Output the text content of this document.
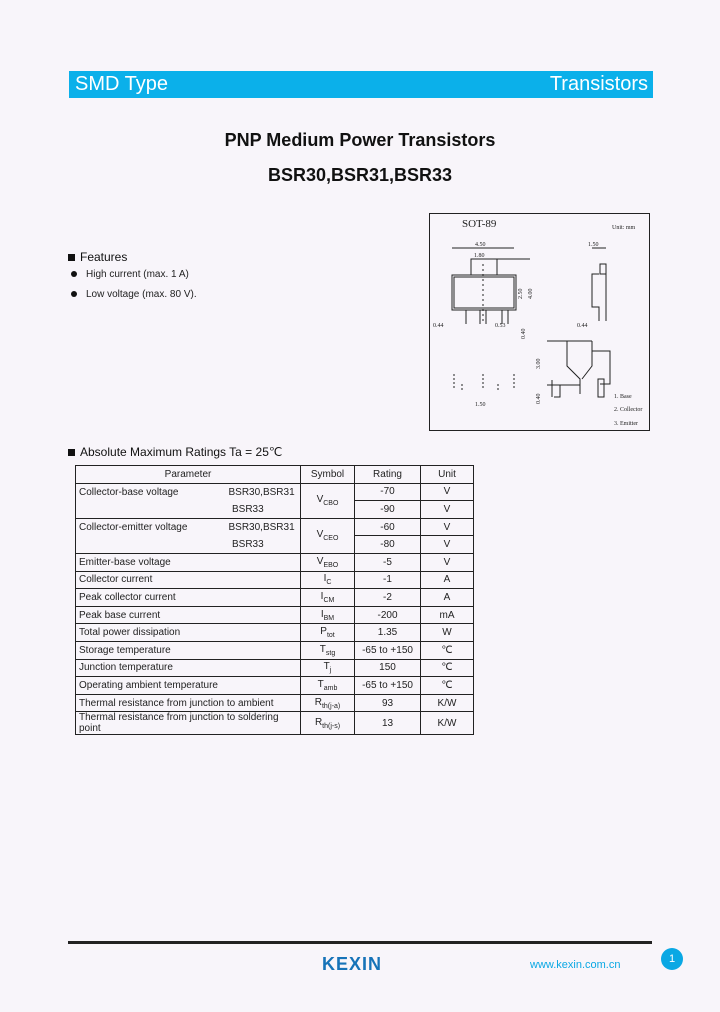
SMD Type	Transistors
PNP Medium Power Transistors
BSR30,BSR31,BSR33
Features
High current (max. 1 A)
Low voltage (max. 80 V).
SOT-89	Unit: mm
4.50
1.80
1.50
2.50 4.00
0.44	0.53	0.44
0.40
3.00
0.40
1.50
1. Base
2. Collector
3. Emitter
Absolute Maximum Ratings Ta = 25℃
Parameter	Symbol	Rating	Unit
Collector-base voltage BSR30,BSR31	$V_{CBO}$	-70	V
BSR33		-90	V
Collector-emitter voltage BSR30,BSR31	$V_{CEO}$	-60	V
BSR33		-80	V
Emitter-base voltage	$V_{EBO}$	-5	V
Collector current	$I_C$	-1	A
Peak collector current	$I_{CM}$	-2	A
Peak base current	$I_{BM}$	-200	mA
Total power dissipation	$P_{tot}$	1.35	W
Storage temperature	$T_{stg}$	-65 to +150	℃
Junction temperature	$T_j$	150	℃
Operating ambient temperature	$T_{amb}$	-65 to +150	℃
Thermal resistance from junction to ambient	$R_{th(j-a)}$	93	K/W
Thermal resistance from junction to soldering point	$R_{th(j-s)}$	13	K/W
KEXIN	www.kexin.com.cn	1
